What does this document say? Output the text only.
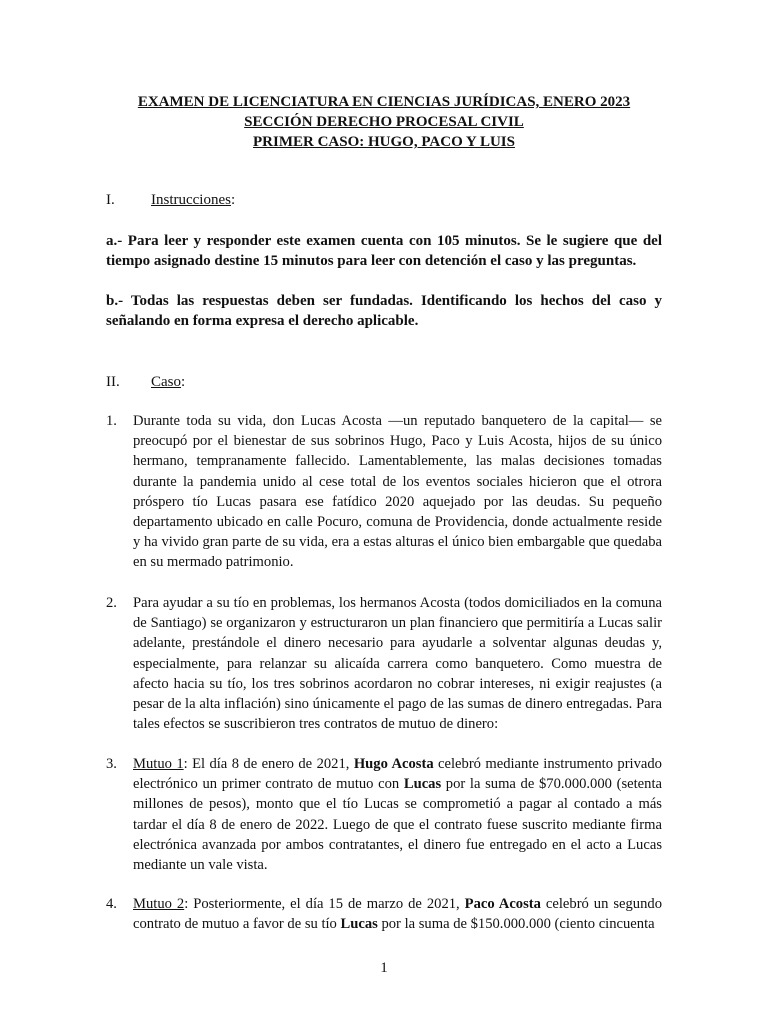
EXAMEN DE LICENCIATURA EN CIENCIAS JURÍDICAS, ENERO 2023
SECCIÓN DERECHO PROCESAL CIVIL
PRIMER CASO: HUGO, PACO Y LUIS
I. Instrucciones:

a.- Para leer y responder este examen cuenta con 105 minutos. Se le sugiere que del tiempo asignado destine 15 minutos para leer con detención el caso y las preguntas.

b.- Todas las respuestas deben ser fundadas. Identificando los hechos del caso y señalando en forma expresa el derecho aplicable.

II. Caso:
1.	Durante toda su vida, don Lucas Acosta —un reputado banquetero de la capital— se preocupó por el bienestar de sus sobrinos Hugo, Paco y Luis Acosta, hijos de su único hermano, tempranamente fallecido. Lamentablemente, las malas decisiones tomadas durante la pandemia unido al cese total de los eventos sociales hicieron que el otrora próspero tío Lucas pasara ese fatídico 2020 aquejado por las deudas. Su pequeño departamento ubicado en calle Pocuro, comuna de Providencia, donde actualmente reside y ha vivido gran parte de su vida, era a estas alturas el único bien embargable que quedaba en su mermado patrimonio.
2.	Para ayudar a su tío en problemas, los hermanos Acosta (todos domiciliados en la comuna de Santiago) se organizaron y estructuraron un plan financiero que permitiría a Lucas salir adelante, prestándole el dinero necesario para ayudarle a solventar algunas deudas y, especialmente, para relanzar su alicaída carrera como banquetero. Como muestra de afecto hacia su tío, los tres sobrinos acordaron no cobrar intereses, ni exigir reajustes (a pesar de la alta inflación) sino únicamente el pago de las sumas de dinero entregadas. Para tales efectos se suscribieron tres contratos de mutuo de dinero:
3.	Mutuo 1: El día 8 de enero de 2021, Hugo Acosta celebró mediante instrumento privado electrónico un primer contrato de mutuo con Lucas por la suma de $70.000.000 (setenta millones de pesos), monto que el tío Lucas se comprometió a pagar al contado a más tardar el día 8 de enero de 2022. Luego de que el contrato fuese suscrito mediante firma electrónica avanzada por ambos contratantes, el dinero fue entregado en el acto a Lucas mediante un vale vista.
4.	Mutuo 2: Posteriormente, el día 15 de marzo de 2021, Paco Acosta celebró un segundo contrato de mutuo a favor de su tío Lucas por la suma de $150.000.000 (ciento cincuenta
1
